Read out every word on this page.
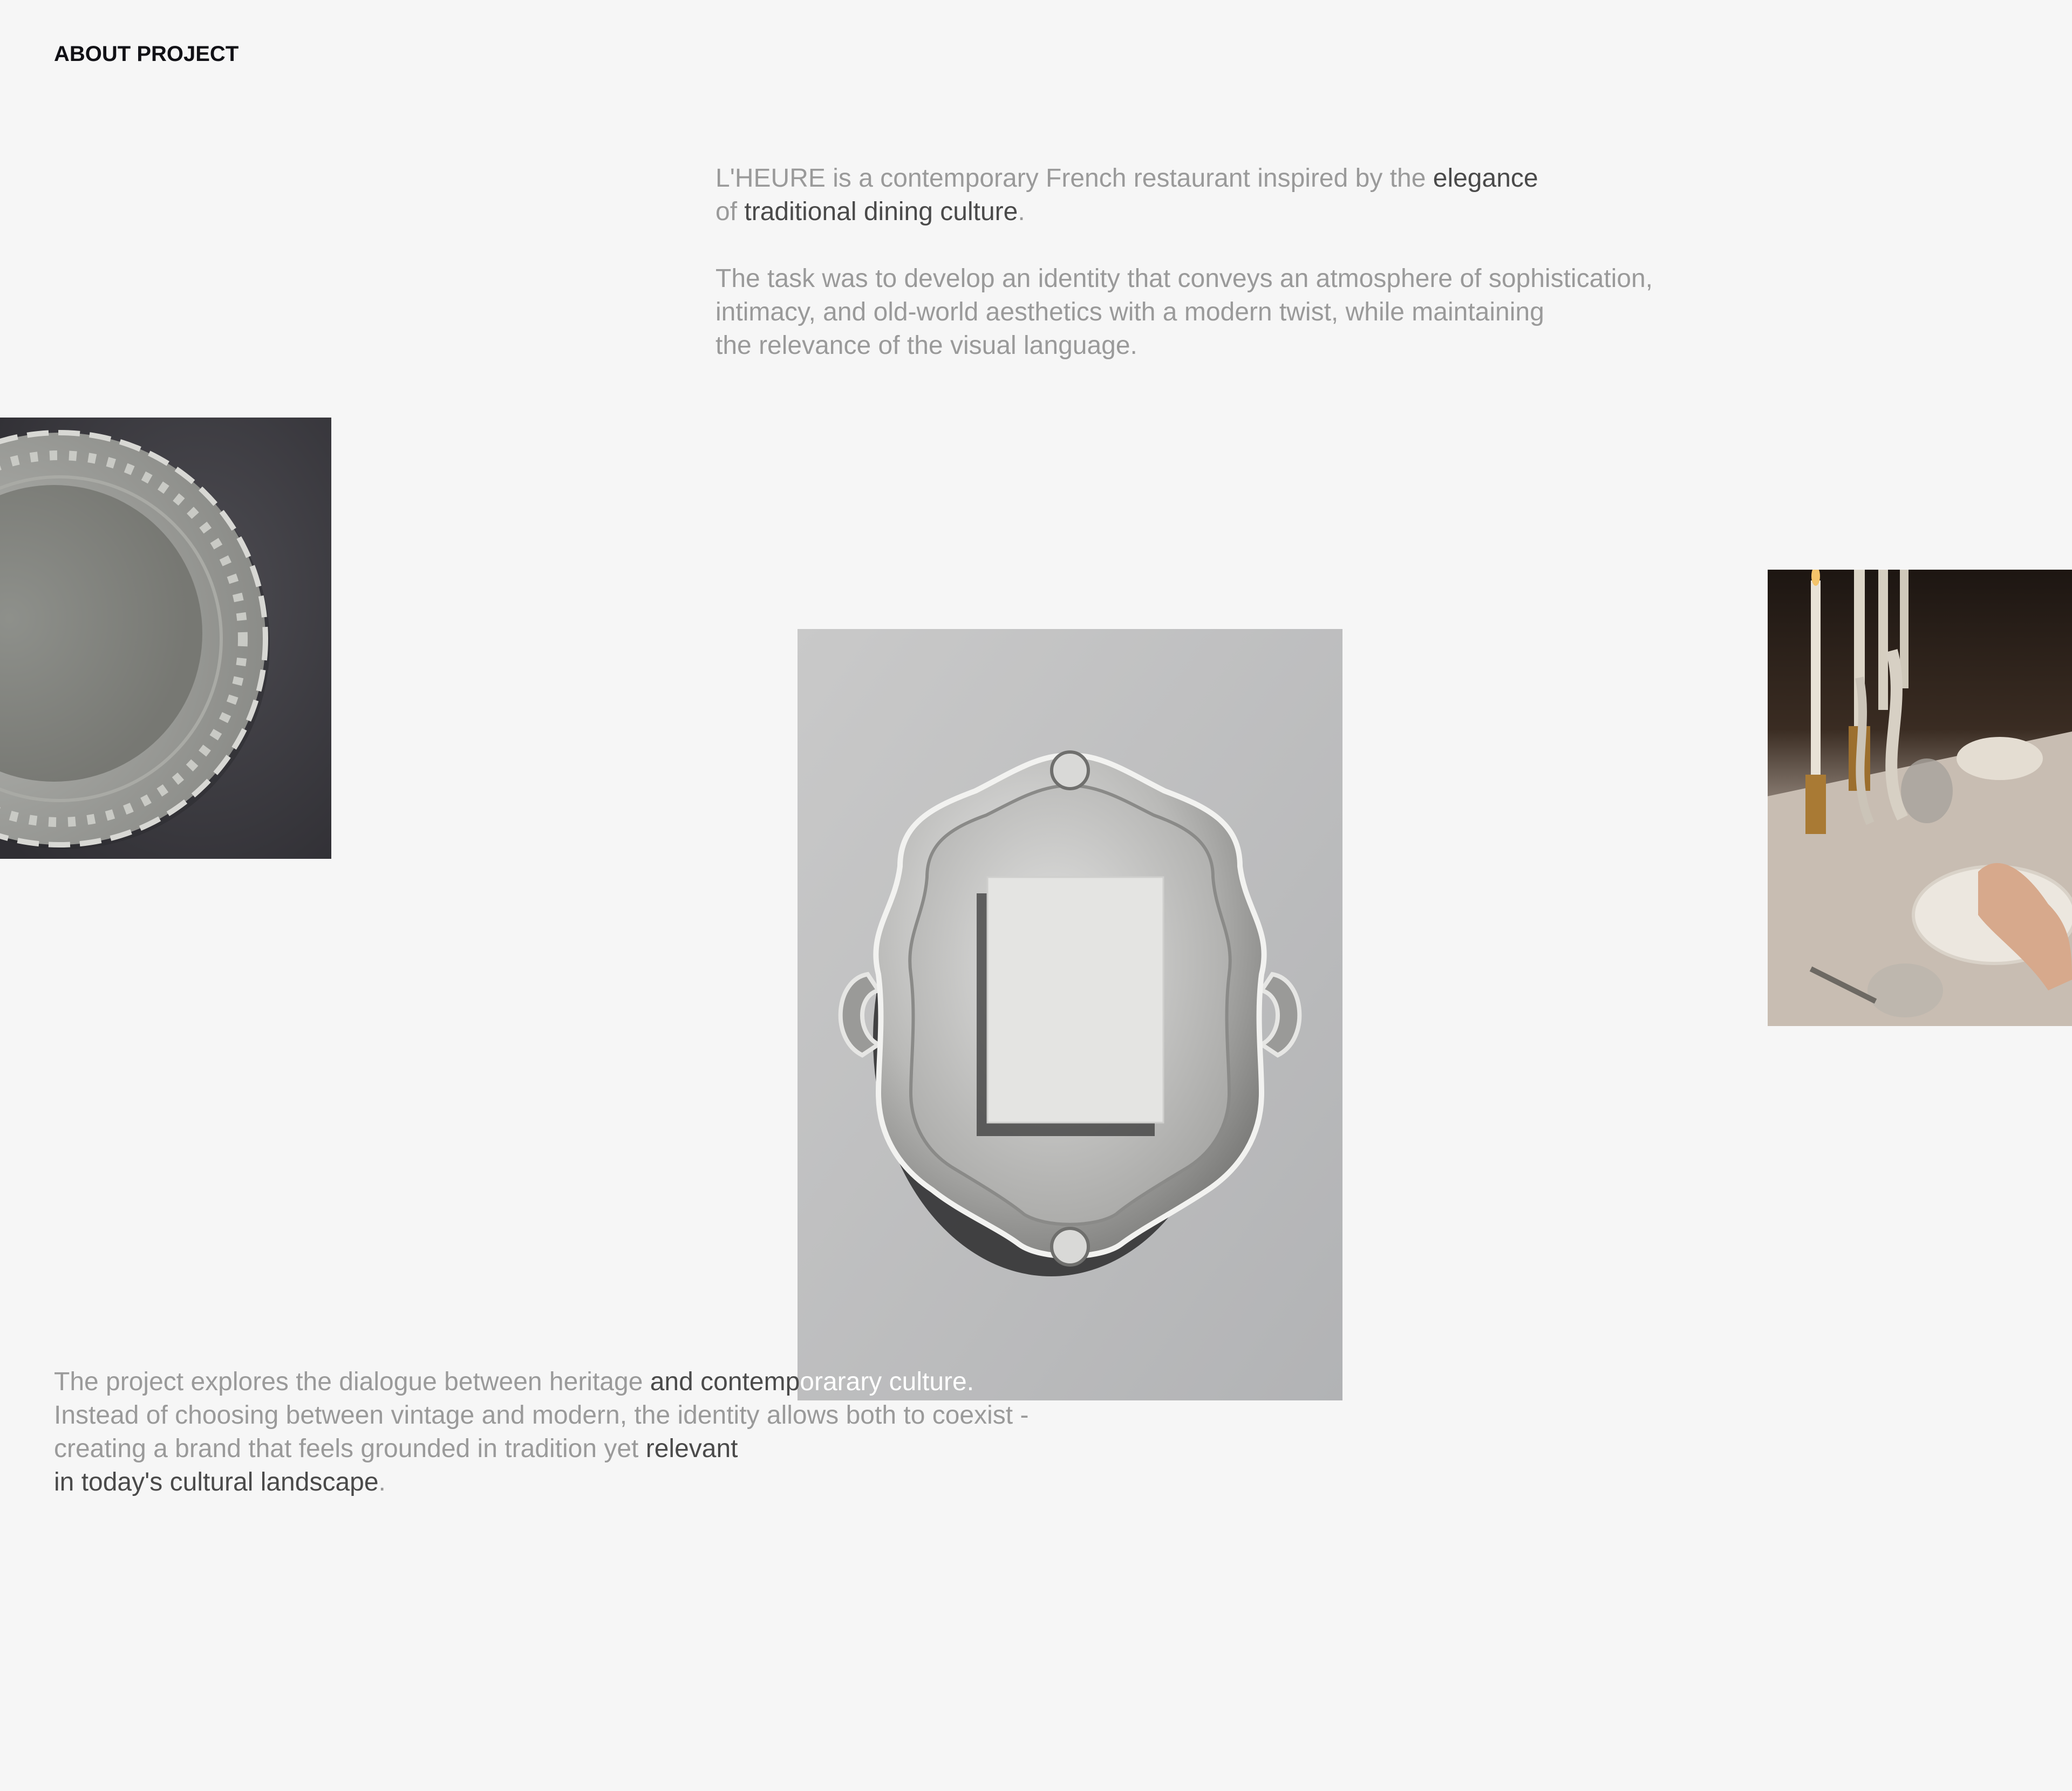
ABOUT PROJECT

L'HEURE is a contemporary French restaurant inspired by the elegance
of traditional dining culture.

The task was to develop an identity that conveys an atmosphere of sophistication,
intimacy, and old-world aesthetics with a modern twist, while maintaining
the relevance of the visual language.

The project explores the dialogue between heritage and contemporarary culture.
Instead of choosing between vintage and modern, the identity allows both to coexist -
creating a brand that feels grounded in tradition yet relevant
in today's cultural landscape.
